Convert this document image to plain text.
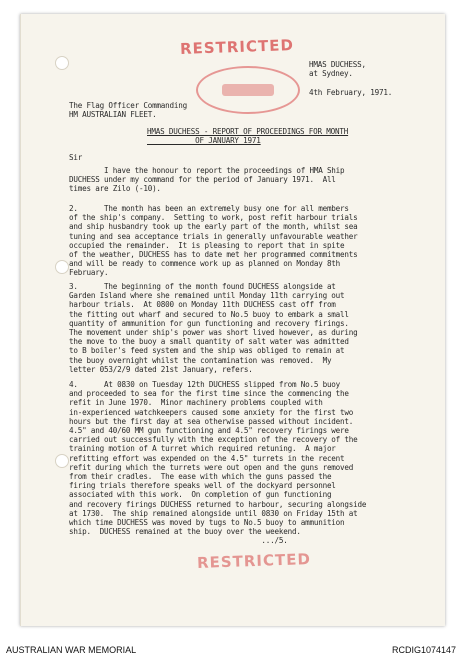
RESTRICTED
HMAS DUCHESS,
at Sydney.

4th February, 1971.
The Flag Officer Commanding
HM AUSTRALIAN FLEET.
HMAS DUCHESS - REPORT OF PROCEEDINGS FOR MONTH
OF JANUARY 1971
Sir
I have the honour to report the proceedings of HMA Ship
DUCHESS under my command for the period of January 1971.  All
times are Zilo (-10).
2.      The month has been an extremely busy one for all members
of the ship's company.  Setting to work, post refit harbour trials
and ship husbandry took up the early part of the month, whilst sea
tuning and sea acceptance trials in generally unfavourable weather
occupied the remainder.  It is pleasing to report that in spite
of the weather, DUCHESS has to date met her programmed commitments
and will be ready to commence work up as planned on Monday 8th
February.
3.      The beginning of the month found DUCHESS alongside at
Garden Island where she remained until Monday 11th carrying out
harbour trials.  At 0800 on Monday 11th DUCHESS cast off from
the fitting out wharf and secured to No.5 buoy to embark a small
quantity of ammunition for gun functioning and recovery firings.
The movement under ship's power was short lived however, as during
the move to the buoy a small quantity of salt water was admitted
to B boiler's feed system and the ship was obliged to remain at
the buoy overnight whilst the contamination was removed.  My
letter 053/2/9 dated 21st January, refers.
4.      At 0830 on Tuesday 12th DUCHESS slipped from No.5 buoy
and proceeded to sea for the first time since the commencing the
refit in June 1970.  Minor machinery problems coupled with
in-experienced watchkeepers caused some anxiety for the first two
hours but the first day at sea otherwise passed without incident.
4.5" and 40/60 MM gun functioning and 4.5" recovery firings were
carried out successfully with the exception of the recovery of the
training motion of A turret which required retuning.  A major
refitting effort was expended on the 4.5" turrets in the recent
refit during which the turrets were out open and the guns removed
from their cradles.  The ease with which the guns passed the
firing trials therefore speaks well of the dockyard personnel
associated with this work.  On completion of gun functioning
and recovery firings DUCHESS returned to harbour, securing alongside
at 1730.  The ship remained alongside until 0830 on Friday 15th at
which time DUCHESS was moved by tugs to No.5 buoy to ammunition
ship.  DUCHESS remained at the buoy over the weekend.
.../5.
RESTRICTED
AUSTRALIAN WAR MEMORIAL	RCDIG1074147
